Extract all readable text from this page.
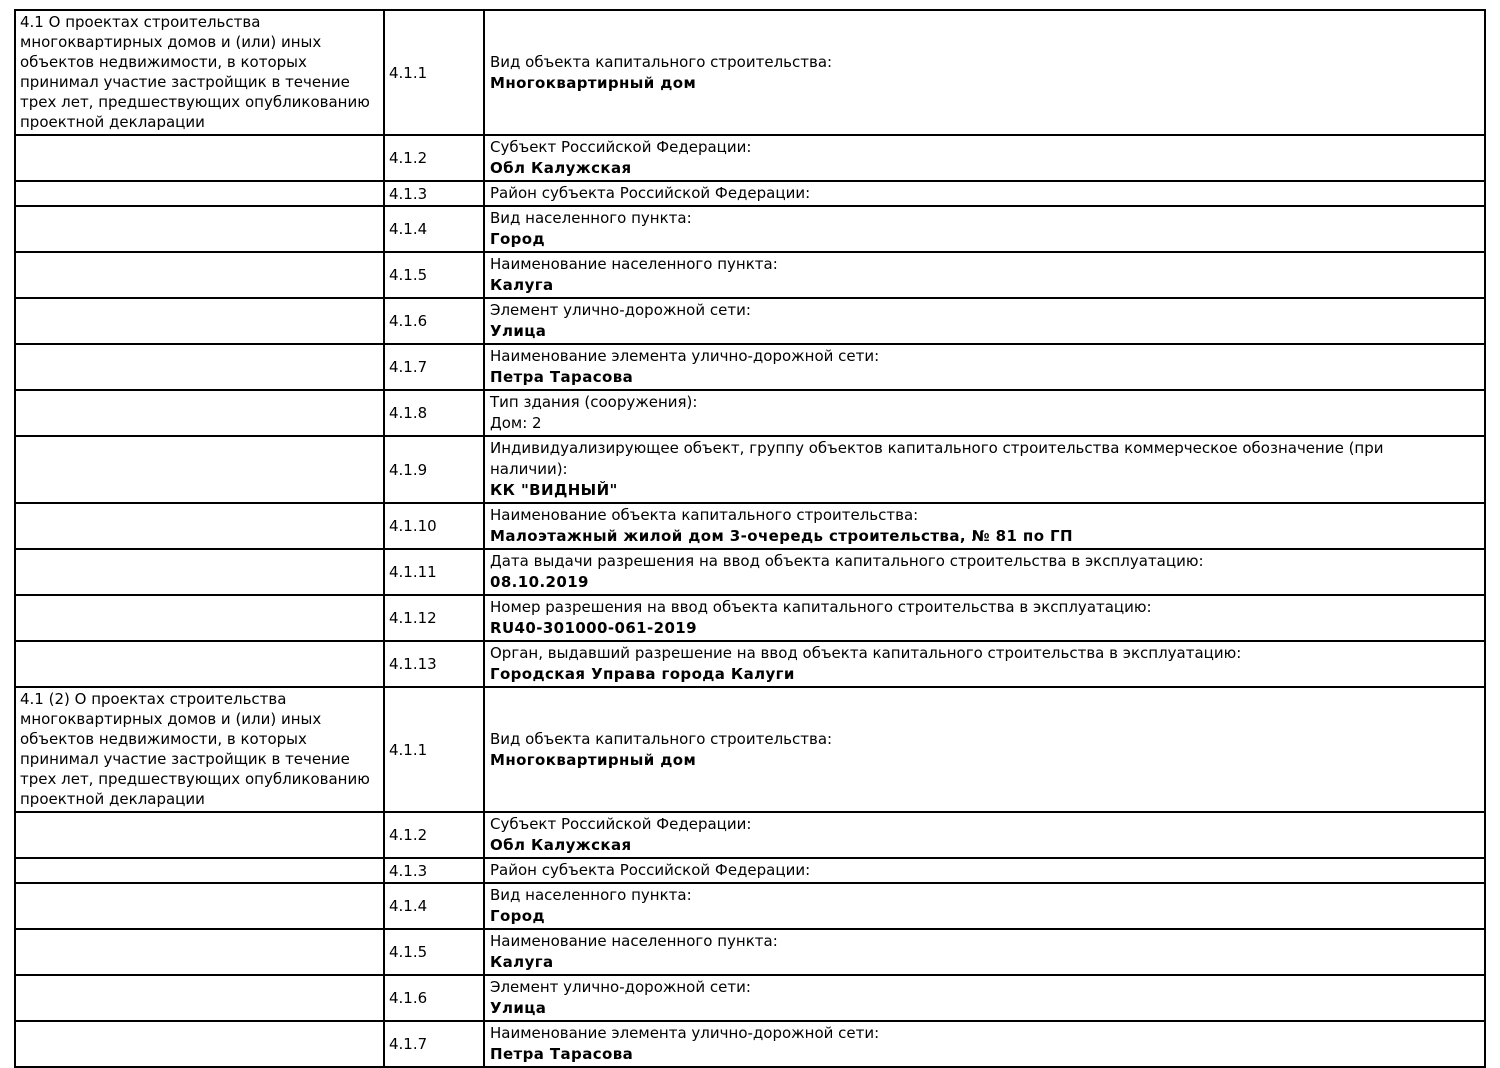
4.1 О проектах строительства многоквартирных домов и (или) иных объектов недвижимости, в которых принимал участие застройщик в течение трех лет, предшествующих опубликованию проектной декларации	4.1.1	Вид объекта капитального строительства:
Многоквартирный дом

	4.1.2	Субъект Российской Федерации:
Обл Калужская

	4.1.3	Район субъекта Российской Федерации:

	4.1.4	Вид населенного пункта:
Город

	4.1.5	Наименование населенного пункта:
Калуга

	4.1.6	Элемент улично-дорожной сети:
Улица

	4.1.7	Наименование элемента улично-дорожной сети:
Петра Тарасова

	4.1.8	Тип здания (сооружения):
Дом: 2

	4.1.9	Индивидуализирующее объект, группу объектов капитального строительства коммерческое обозначение (при наличии):
КК "ВИДНЫЙ"

	4.1.10	Наименование объекта капитального строительства:
Малоэтажный жилой дом 3-очередь строительства, № 81 по ГП

	4.1.11	Дата выдачи разрешения на ввод объекта капитального строительства в эксплуатацию:
08.10.2019

	4.1.12	Номер разрешения на ввод объекта капитального строительства в эксплуатацию:
RU40-301000-061-2019

	4.1.13	Орган, выдавший разрешение на ввод объекта капитального строительства в эксплуатацию:
Городская Управа города Калуги

4.1 (2) О проектах строительства многоквартирных домов и (или) иных объектов недвижимости, в которых принимал участие застройщик в течение трех лет, предшествующих опубликованию проектной декларации	4.1.1	Вид объекта капитального строительства:
Многоквартирный дом

	4.1.2	Субъект Российской Федерации:
Обл Калужская

	4.1.3	Район субъекта Российской Федерации:

	4.1.4	Вид населенного пункта:
Город

	4.1.5	Наименование населенного пункта:
Калуга

	4.1.6	Элемент улично-дорожной сети:
Улица

	4.1.7	Наименование элемента улично-дорожной сети:
Петра Тарасова
